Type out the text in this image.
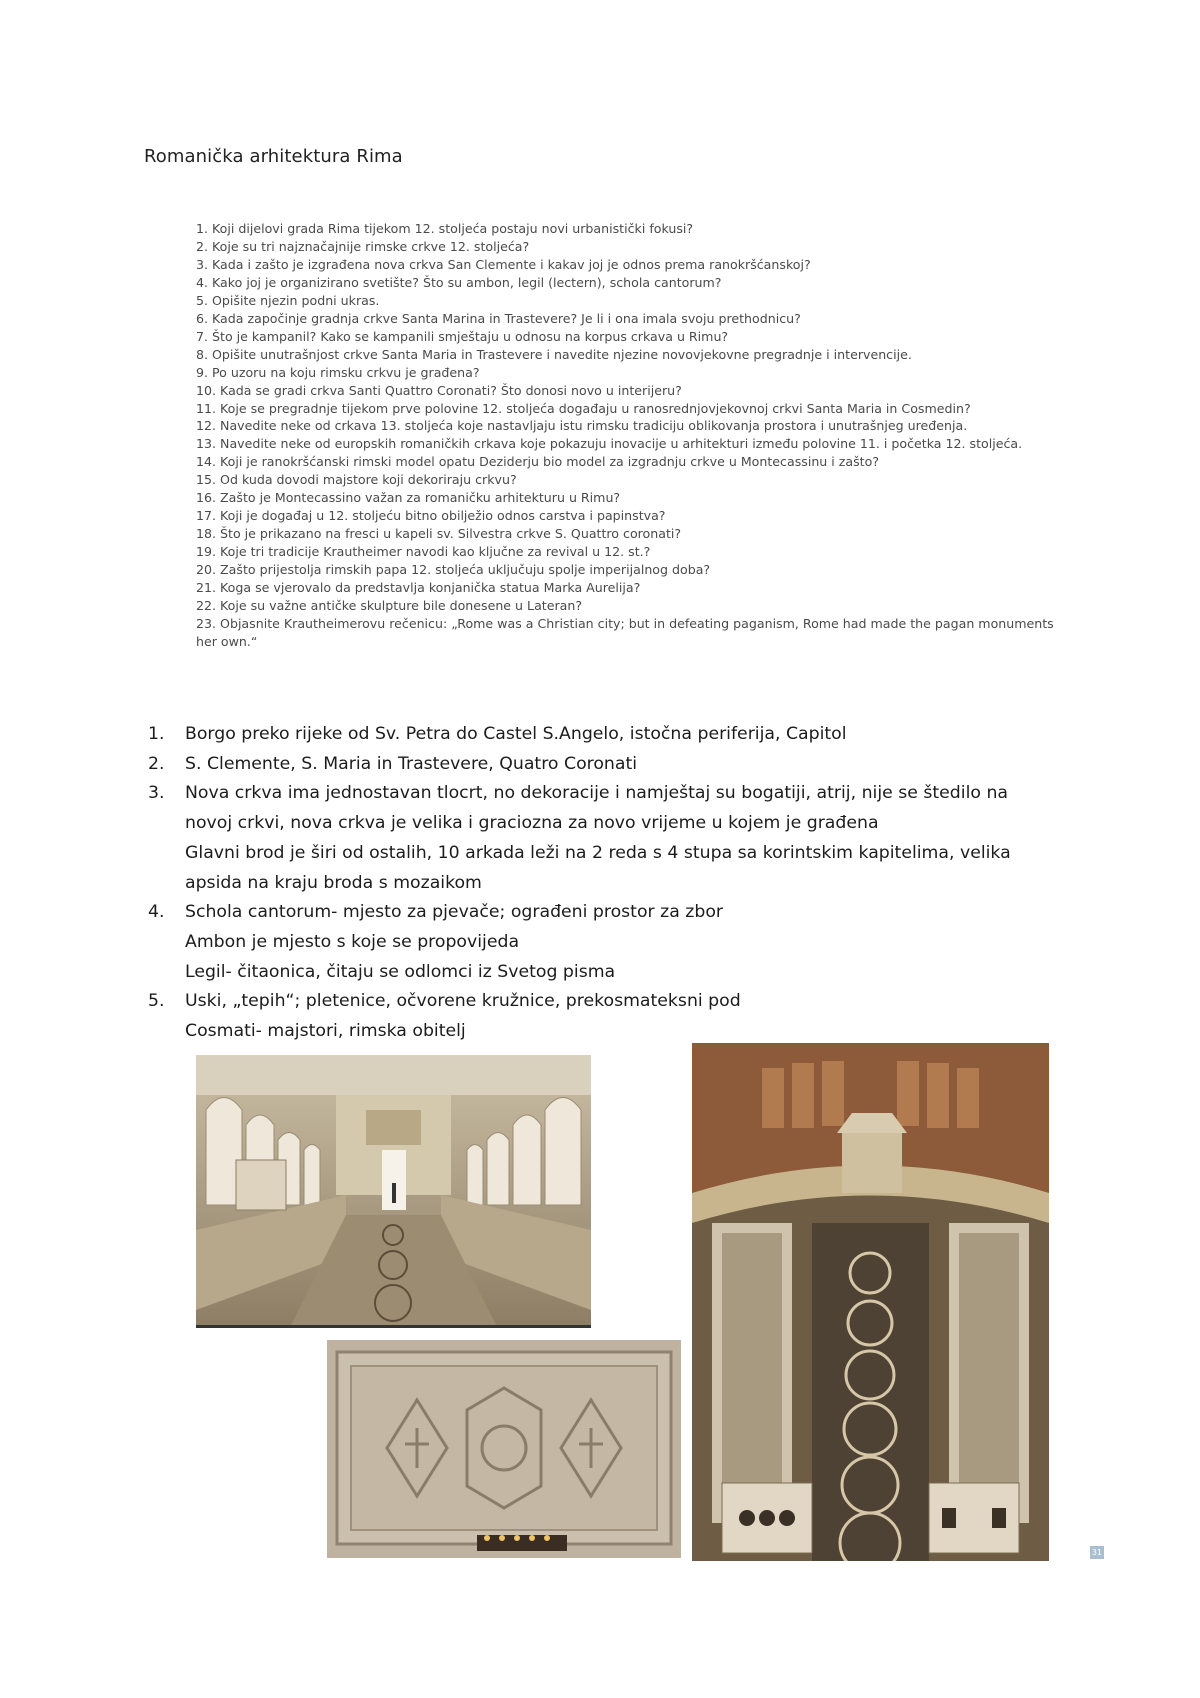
Romanička arhitektura Rima

1. Koji dijelovi grada Rima tijekom 12. stoljeća postaju novi urbanistički fokusi?

2. Koje su tri najznačajnije rimske crkve 12. stoljeća?

3. Kada i zašto je izgrađena nova crkva San Clemente i kakav joj je odnos prema ranokršćanskoj?

4. Kako joj je organizirano svetište? Što su ambon, legil (lectern), schola cantorum?

5. Opišite njezin podni ukras.

6. Kada započinje gradnja crkve Santa Marina in Trastevere? Je li i ona imala svoju prethodnicu?

7. Što je kampanil? Kako se kampanili smještaju u odnosu na korpus crkava u Rimu?

8. Opišite unutrašnjost crkve Santa Maria in Trastevere i navedite njezine novovjekovne pregradnje i intervencije.

9. Po uzoru na koju rimsku crkvu je građena?

10. Kada se gradi crkva Santi Quattro Coronati? Što donosi novo u interijeru?

11. Koje se pregradnje tijekom prve polovine 12. stoljeća događaju u ranosrednjovjekovnoj crkvi Santa Maria in Cosmedin?

12. Navedite neke od crkava 13. stoljeća koje nastavljaju istu rimsku tradiciju oblikovanja prostora i unutrašnjeg uređenja.

13. Navedite neke od europskih romaničkih crkava koje pokazuju inovacije u arhitekturi između polovine 11. i početka 12. stoljeća.

14. Koji je ranokršćanski rimski model opatu Deziderju bio model za izgradnju crkve u Montecassinu i zašto?

15. Od kuda dovodi majstore koji dekoriraju crkvu?

16. Zašto je Montecassino važan za romaničku arhitekturu u Rimu?

17. Koji je događaj u 12. stoljeću bitno obilježio odnos carstva i papinstva?

18. Što je prikazano na fresci u kapeli sv. Silvestra crkve S. Quattro coronati?

19. Koje tri tradicije Krautheimer navodi kao ključne za revival u 12. st.?

20. Zašto prijestolja rimskih papa 12. stoljeća uključuju spolje imperijalnog doba?

21. Koga se vjerovalo da predstavlja konjanička statua Marka Aurelija?

22. Koje su važne antičke skulpture bile donesene u Lateran?

23. Objasnite Krautheimerovu rečenicu: „Rome was a Christian city; but in defeating paganism, Rome had made the pagan monuments her own.“

1.	Borgo preko rijeke od Sv. Petra do Castel S.Angelo, istočna periferija, Capitol
2.	S. Clemente, S. Maria in Trastevere, Quatro Coronati
3.	Nova crkva ima jednostavan tlocrt, no dekoracije i namještaj su bogatiji, atrij, nije se štedilo na
novoj crkvi, nova crkva je velika i graciozna za novo vrijeme u kojem je građena
Glavni brod je širi od ostalih, 10 arkada leži na 2 reda s 4 stupa sa korintskim kapitelima, velika
apsida na kraju broda s mozaikom
4.	Schola cantorum- mjesto za pjevače; ograđeni prostor za zbor
Ambon je mjesto s koje se propovijeda
Legil- čitaonica, čitaju se odlomci iz Svetog pisma
5.	Uski, „tepih“; pletenice, očvorene kružnice, prekosmateksni pod
Cosmati- majstori, rimska obitelj
31
